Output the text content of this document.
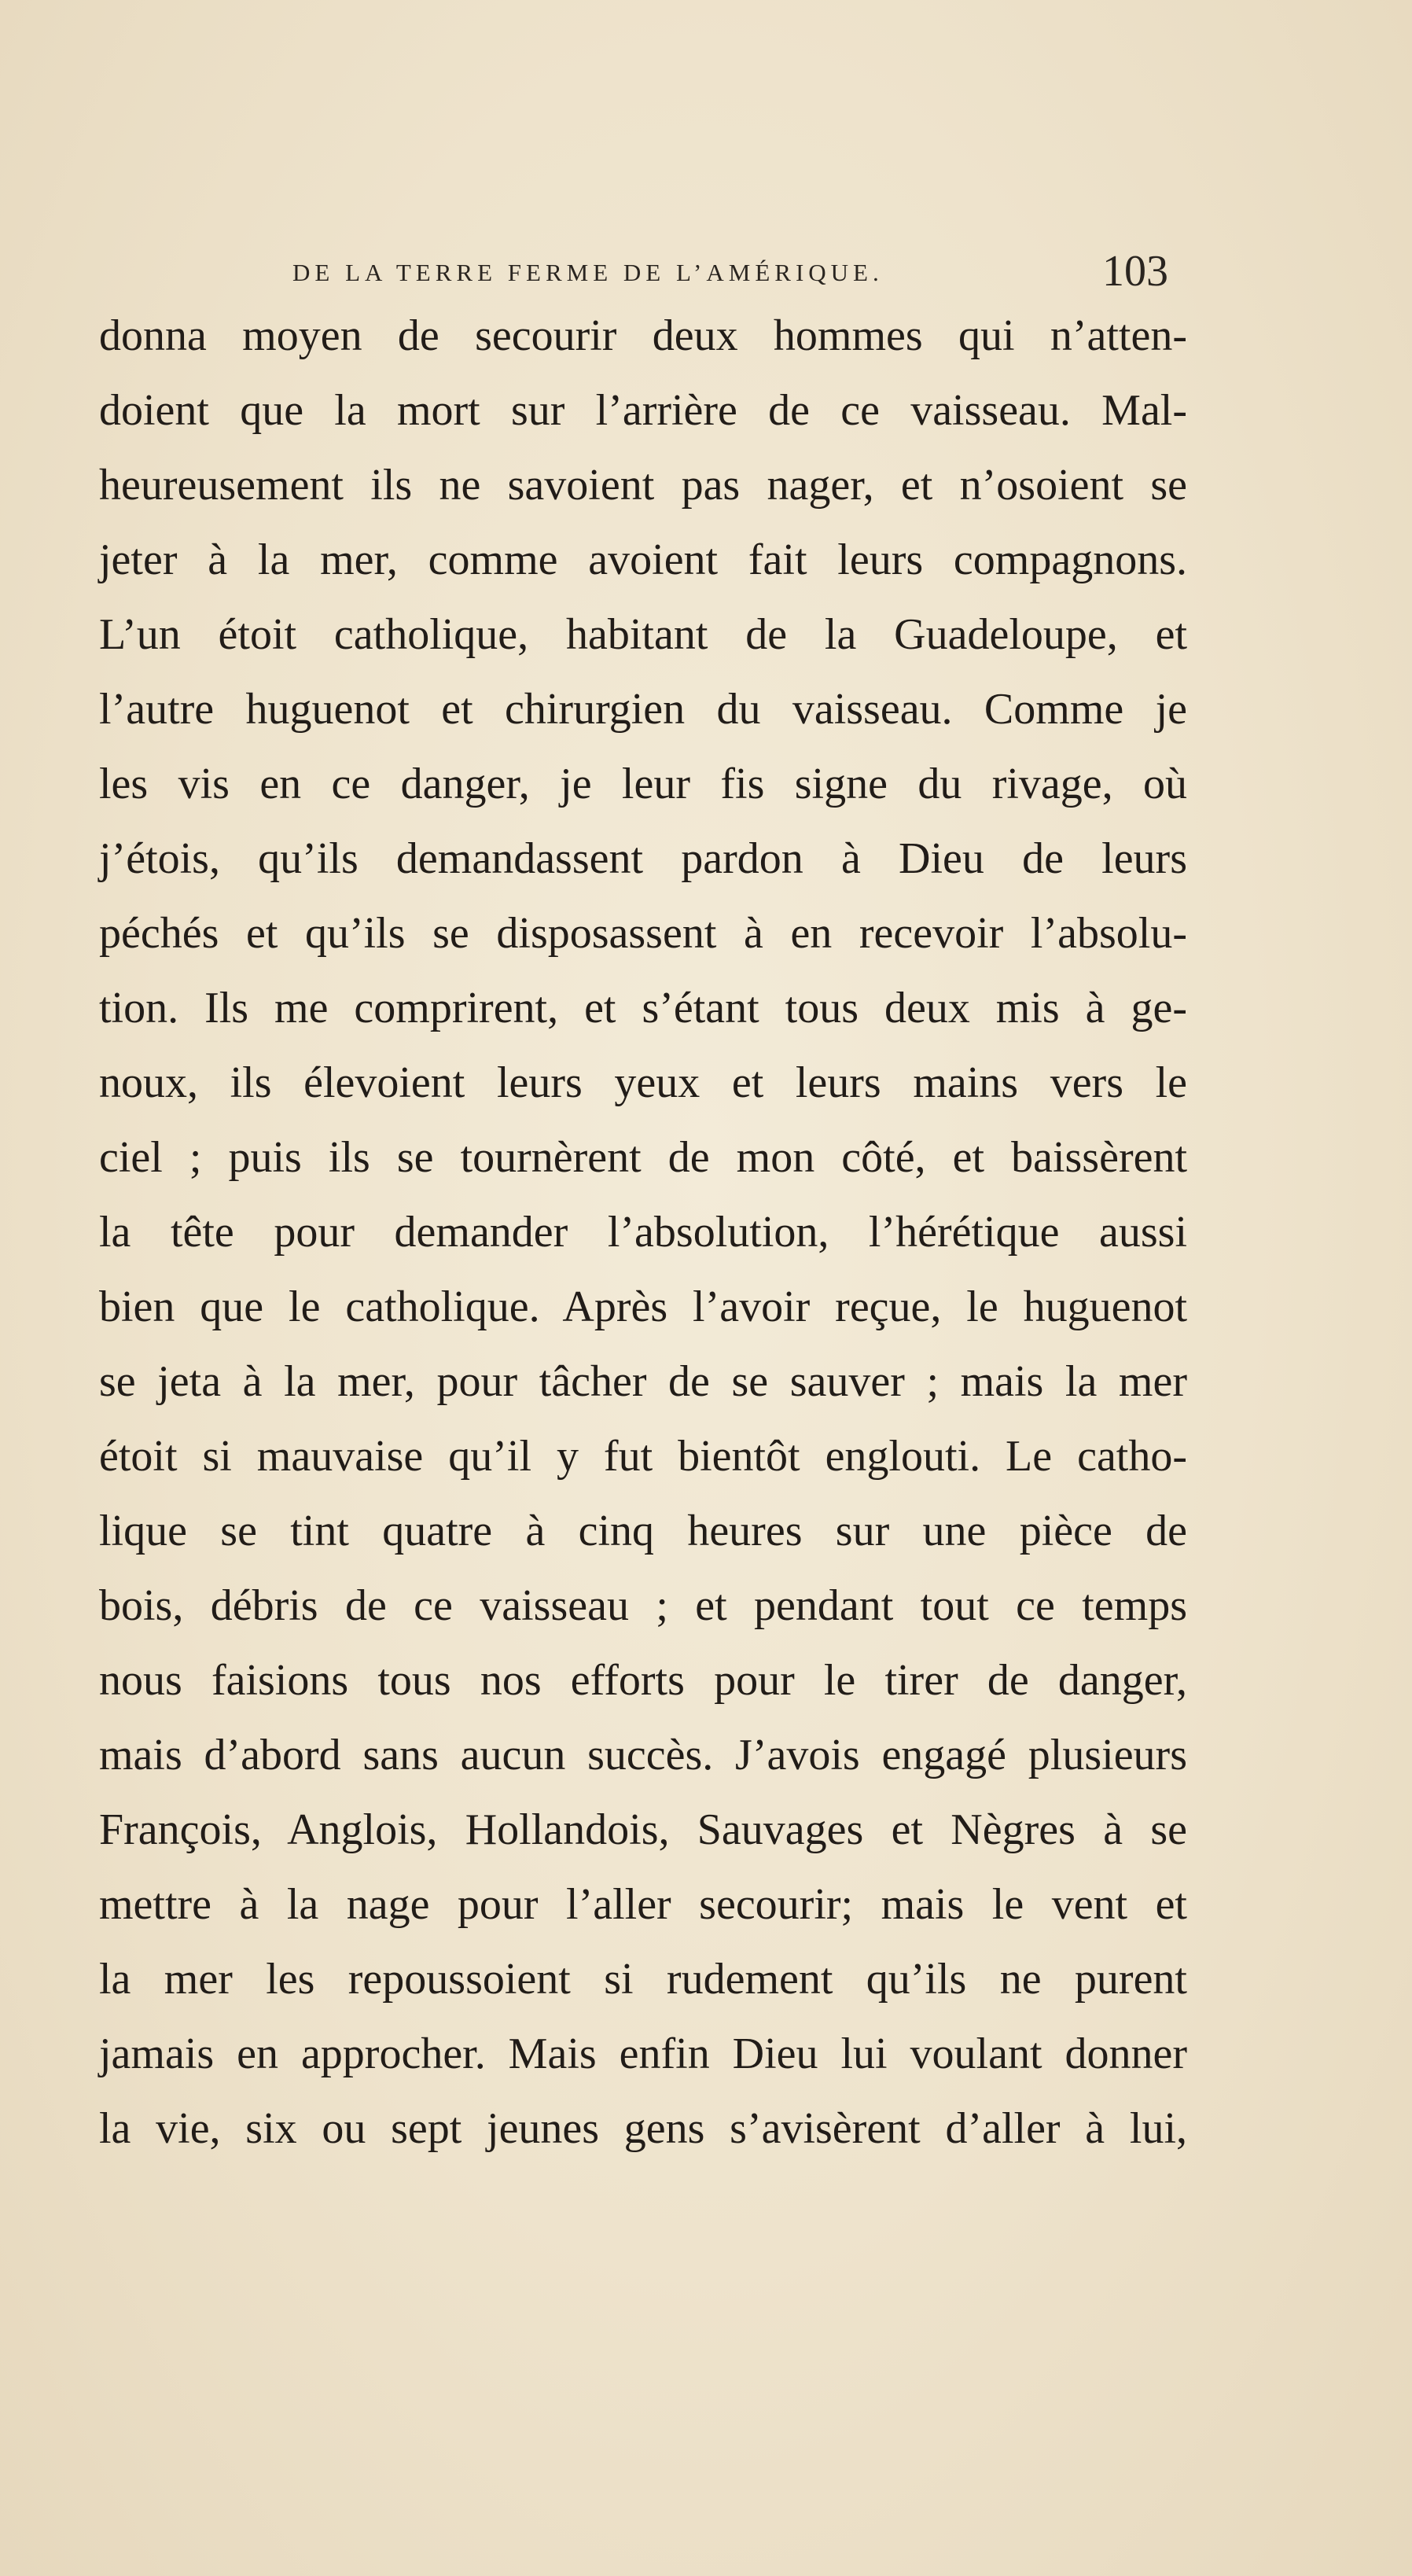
DE LA TERRE FERME DE L’AMÉRIQUE.	103
donna moyen de secourir deux hommes qui n’atten-
doient que la mort sur l’arrière de ce vaisseau. Mal-
heureusement ils ne savoient pas nager, et n’osoient se
jeter à la mer, comme avoient fait leurs compagnons.
L’un étoit catholique, habitant de la Guadeloupe, et
l’autre huguenot et chirurgien du vaisseau. Comme je
les vis en ce danger, je leur fis signe du rivage, où
j’étois, qu’ils demandassent pardon à Dieu de leurs
péchés et qu’ils se disposassent à en recevoir l’absolu-
tion. Ils me comprirent, et s’étant tous deux mis à ge-
noux, ils élevoient leurs yeux et leurs mains vers le
ciel ; puis ils se tournèrent de mon côté, et baissèrent
la tête pour demander l’absolution, l’hérétique aussi
bien que le catholique. Après l’avoir reçue, le huguenot
se jeta à la mer, pour tâcher de se sauver ; mais la mer
étoit si mauvaise qu’il y fut bientôt englouti. Le catho-
lique se tint quatre à cinq heures sur une pièce de
bois, débris de ce vaisseau ; et pendant tout ce temps
nous faisions tous nos efforts pour le tirer de danger,
mais d’abord sans aucun succès. J’avois engagé plusieurs
François, Anglois, Hollandois, Sauvages et Nègres à se
mettre à la nage pour l’aller secourir; mais le vent et
la mer les repoussoient si rudement qu’ils ne purent
jamais en approcher. Mais enfin Dieu lui voulant donner
la vie, six ou sept jeunes gens s’avisèrent d’aller à lui,
